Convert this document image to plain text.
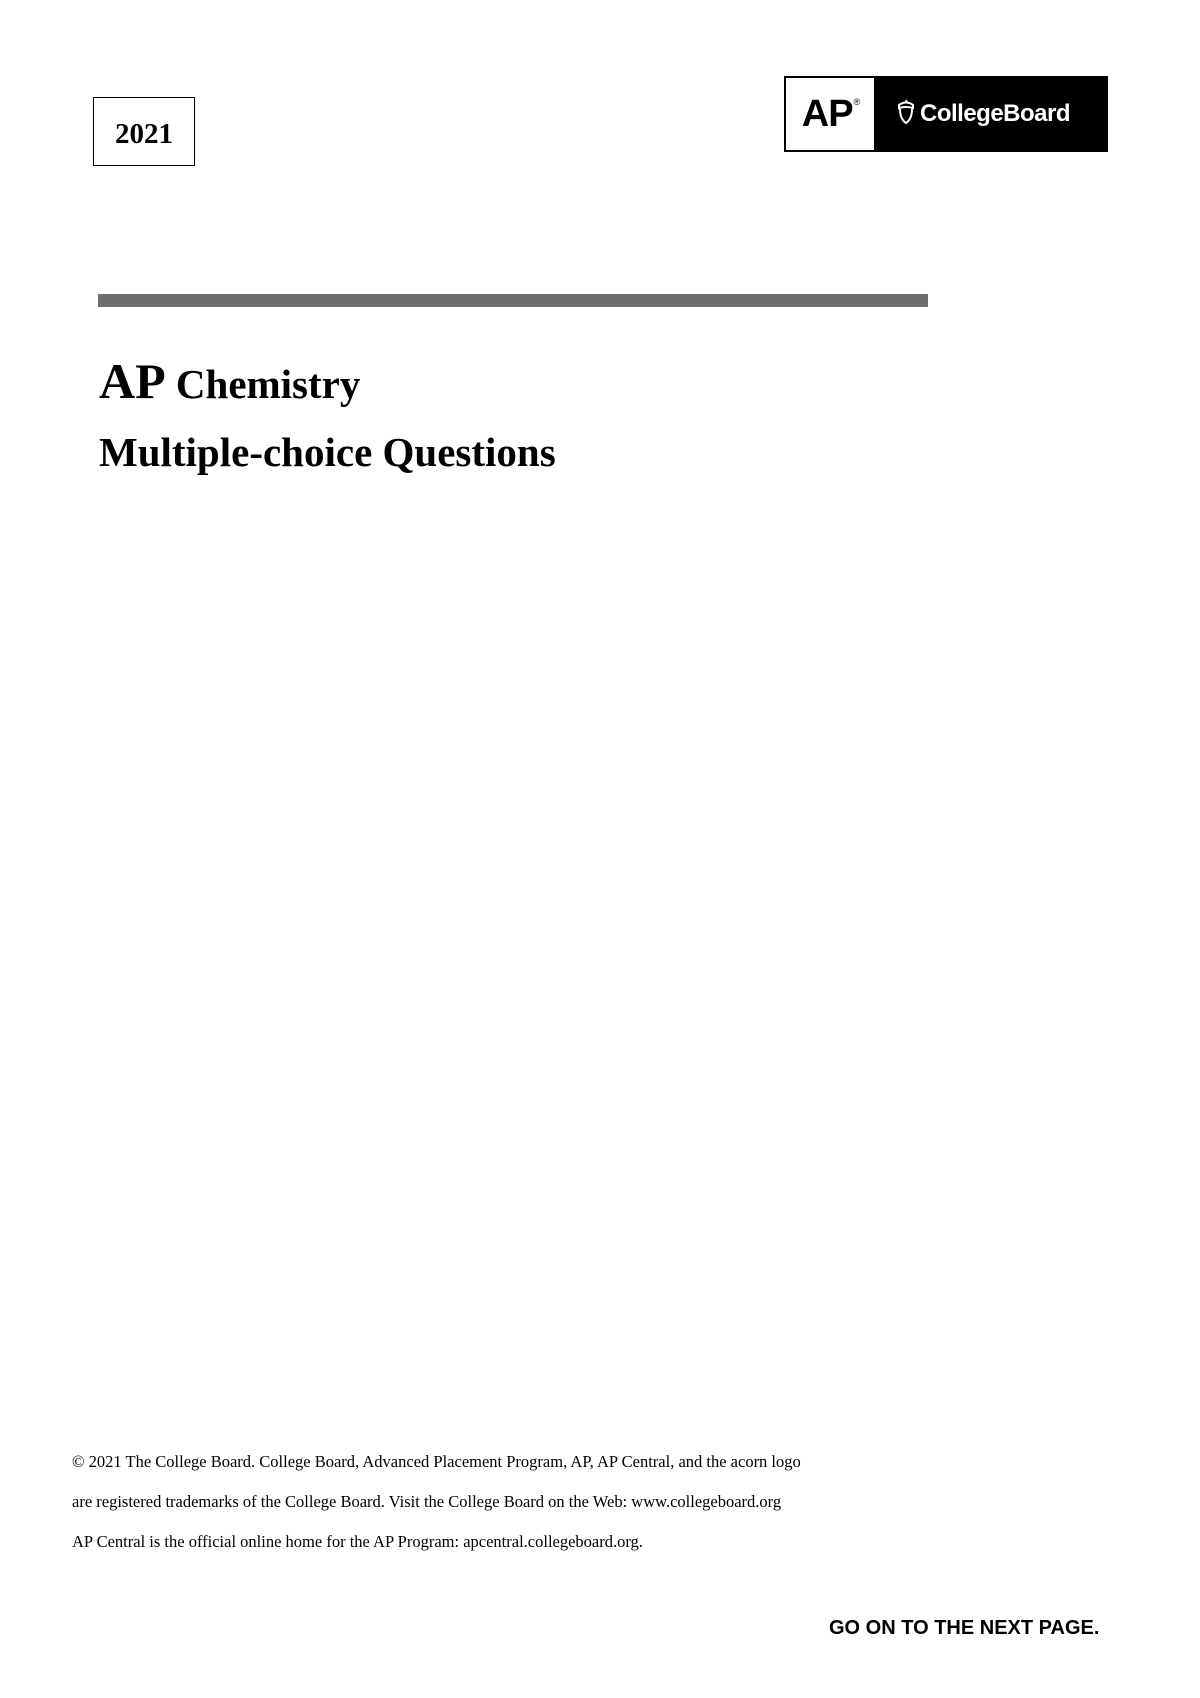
2021	AP ®	CollegeBoard
AP Chemistry
Multiple-choice Questions
© 2021 The College Board. College Board, Advanced Placement Program, AP, AP Central, and the acorn logo
are registered trademarks of the College Board. Visit the College Board on the Web: www.collegeboard.org
AP Central is the official online home for the AP Program: apcentral.collegeboard.org.
GO ON TO THE NEXT PAGE.
